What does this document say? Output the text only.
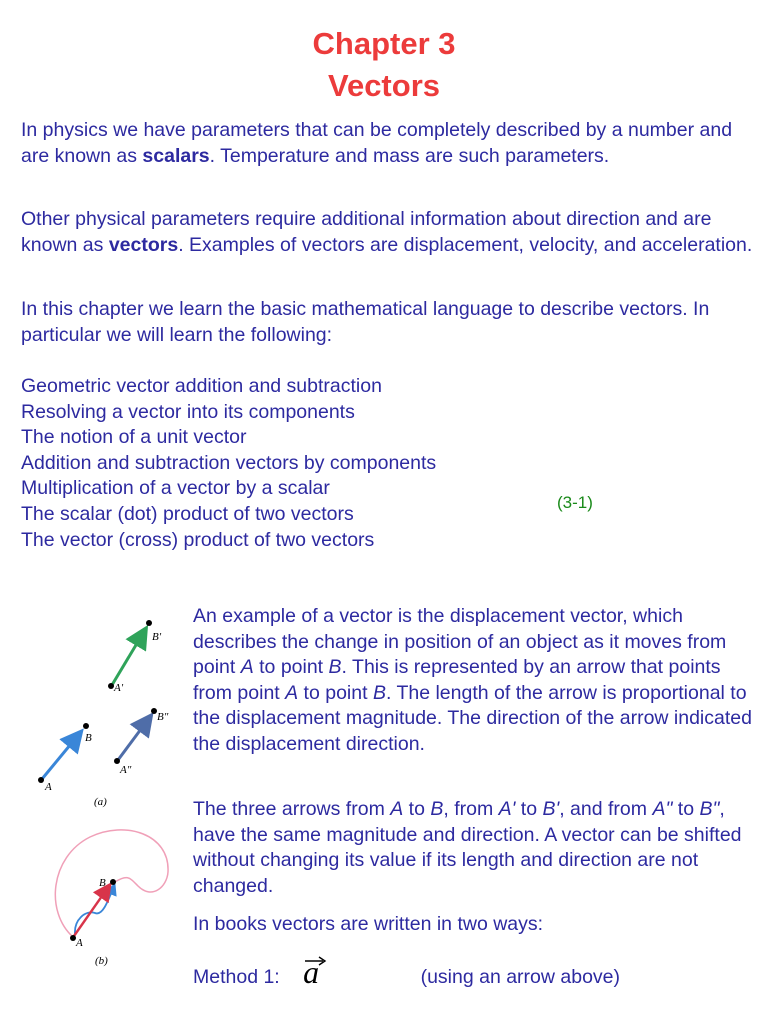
Chapter 3
Vectors

In physics we have parameters that can be completely described by a number and are known as scalars. Temperature and mass are such parameters.

Other physical parameters require additional information about direction and are known as vectors. Examples of vectors are displacement, velocity, and acceleration.

In this chapter we learn the basic mathematical language to describe vectors. In particular we will learn the following:

Geometric vector addition and subtraction
Resolving a vector into its components
The notion of a unit vector
Addition and subtraction vectors by components
Multiplication of a vector by a scalar
The scalar (dot) product of two vectors
The vector (cross) product of two vectors
(3-1)
B′
A′
B
A
B″
A″
(a)
B
A
(b)

An example of a vector is the displacement vector, which describes the change in position of an object as it moves from point A to point B. This is represented by an arrow that points from point A to point B. The length of the arrow is proportional to the displacement magnitude. The direction of the arrow indicated the displacement direction.

The three arrows from A to B, from A' to B', and from A" to B", have the same magnitude and direction. A vector can be shifted without changing its value if its length and direction are not changed.

In books vectors are written in two ways:

Method 1: a	(using an arrow above)
